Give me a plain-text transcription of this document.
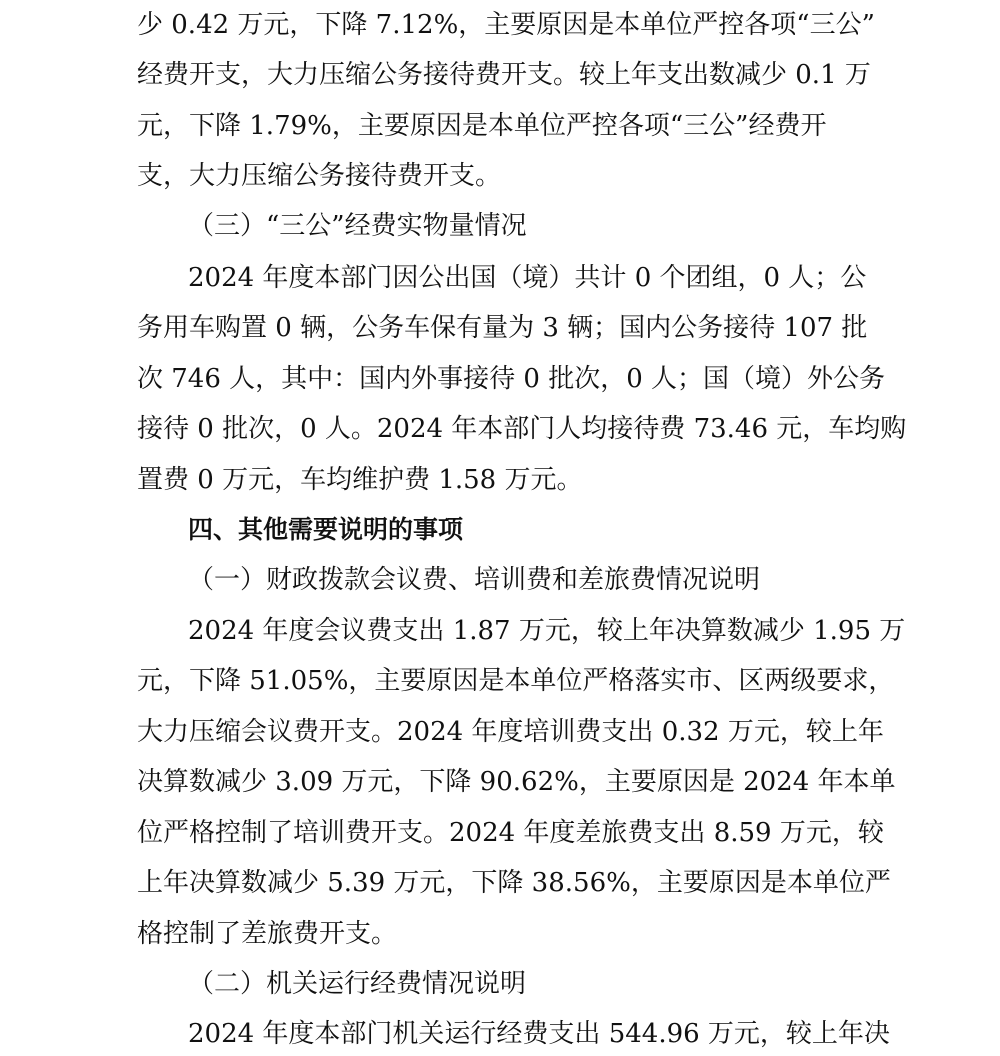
少 0.42 万元，下降 7.12%，主要原因是本单位严控各项“三公”
经费开支，大力压缩公务接待费开支。较上年支出数减少 0.1 万
元，下降 1.79%，主要原因是本单位严控各项“三公”经费开
支，大力压缩公务接待费开支。
（三）“三公”经费实物量情况
2024 年度本部门因公出国（境）共计 0 个团组，0 人；公
务用车购置 0 辆，公务车保有量为 3 辆；国内公务接待 107 批
次 746 人，其中：国内外事接待 0 批次，0 人；国（境）外公务
接待 0 批次，0 人。2024 年本部门人均接待费 73.46 元，车均购
置费 0 万元，车均维护费 1.58 万元。
四、其他需要说明的事项
（一）财政拨款会议费、培训费和差旅费情况说明
2024 年度会议费支出 1.87 万元，较上年决算数减少 1.95 万
元，下降 51.05%，主要原因是本单位严格落实市、区两级要求，
大力压缩会议费开支。2024 年度培训费支出 0.32 万元，较上年
决算数减少 3.09 万元，下降 90.62%，主要原因是 2024 年本单
位严格控制了培训费开支。2024 年度差旅费支出 8.59 万元，较
上年决算数减少 5.39 万元，下降 38.56%，主要原因是本单位严
格控制了差旅费开支。
（二）机关运行经费情况说明
2024 年度本部门机关运行经费支出 544.96 万元，较上年决
